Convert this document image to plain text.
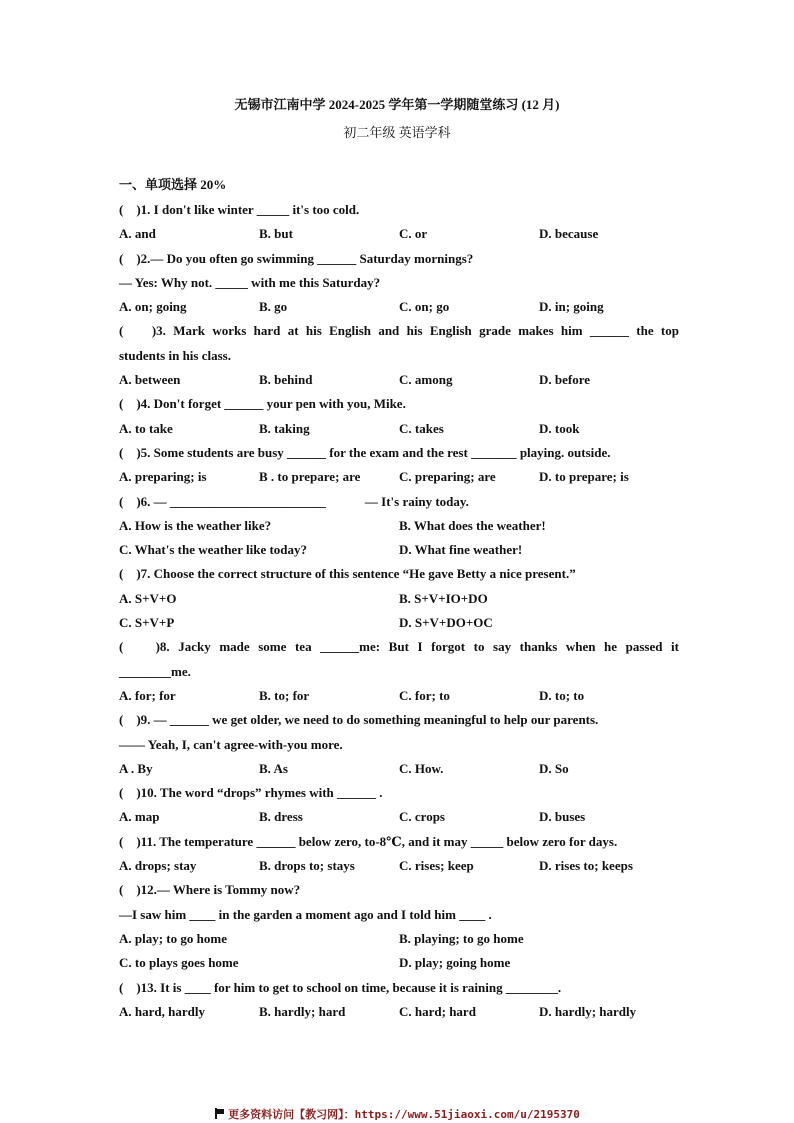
无锡市江南中学 2024-2025 学年第一学期随堂练习 (12 月)
初二年级 英语学科
一、单项选择 20%
(　)1. I don't like winter _____ it's too cold.
A. and	B. but	C. or	D. because
(　)2.— Do you often go swimming ______ Saturday mornings?
— Yes: Why not. _____ with me this Saturday?
A. on; going	B. go	C. on; go	D. in; going
(　 )3. Mark works hard at his English and his English grade makes him ______ the top
students in his class.
A. between	B. behind	C. among	D. before
(　)4. Don't forget ______ your pen with you, Mike.
A. to take	B. taking	C. takes	D. took
(　)5. Some students are busy ______ for the exam and the rest _______ playing. outside.
A. preparing; is	B . to prepare; are	C. preparing; are	D. to prepare; is
(　)6. — ________________________　　　— It's rainy today.
A. How is the weather like?	B. What does the weather!
C. What's the weather like today?	D. What fine weather!
(　)7. Choose the correct structure of this sentence “He gave Betty a nice present.”
A. S+V+O	B. S+V+IO+DO
C. S+V+P	D. S+V+DO+OC
(　 )8. Jacky made some tea ______me: But I forgot to say thanks when he passed it
________me.
A. for; for	B. to; for	C. for; to	D. to; to
(　)9. — ______ we get older, we need to do something meaningful to help our parents.
—— Yeah, I, can't agree-with-you more.
A . By	B. As	C. How.	D. So
(　)10. The word “drops” rhymes with ______ .
A. map	B. dress	C. crops	D. buses
(　)11. The temperature ______ below zero, to-8℃, and it may _____ below zero for days.
A. drops; stay	B. drops to; stays	C. rises; keep	D. rises to; keeps
(　)12.— Where is Tommy now?
—I saw him ____ in the garden a moment ago and I told him ____ .
A. play; to go home	B. playing; to go home
C. to plays goes home	D. play; going home
(　)13. It is ____ for him to get to school on time, because it is raining ________.
A. hard, hardly	B. hardly; hard	C. hard; hard	D. hardly; hardly
更多资料访问【教习网】：https://www.51jiaoxi.com/u/2195370
